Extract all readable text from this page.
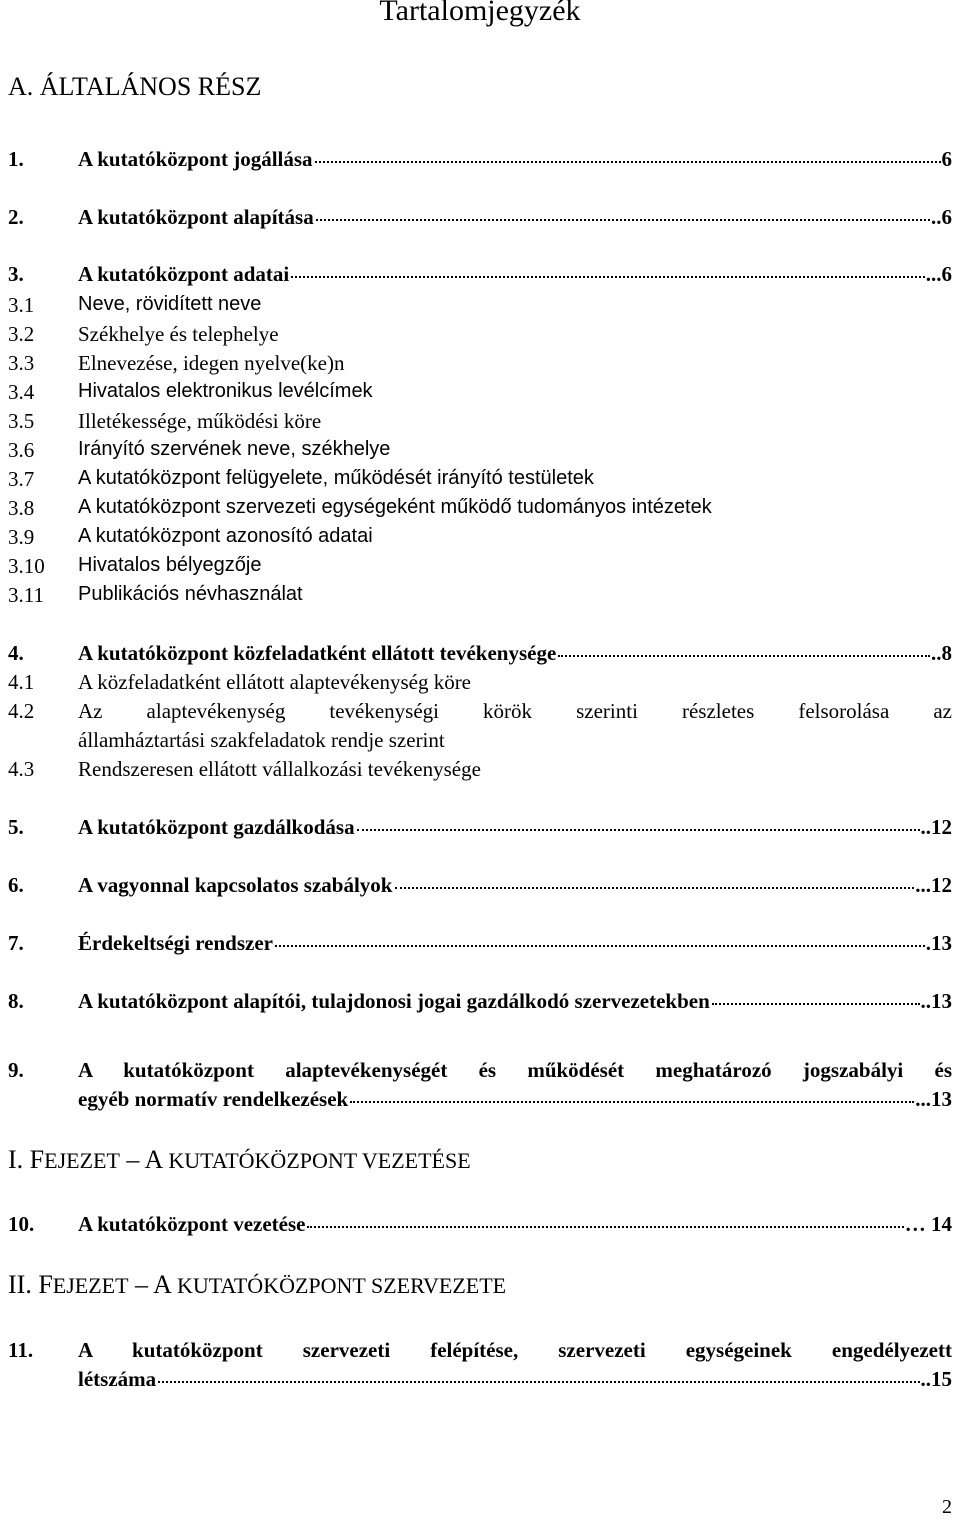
Tartalomjegyzék
A. ÁLTALÁNOS RÉSZ
1.	A kutatóközpont jogállása	6
2.	A kutatóközpont alapítása	..6
3.	A kutatóközpont adatai	...6
3.1	Neve, rövidített neve
3.2	Székhelye és telephelye
3.3	Elnevezése, idegen nyelve(ke)n
3.4	Hivatalos elektronikus levélcímek
3.5	Illetékessége, működési köre
3.6	Irányító szervének neve, székhelye
3.7	A kutatóközpont felügyelete, működését irányító testületek
3.8	A kutatóközpont szervezeti egységeként működő tudományos intézetek
3.9	A kutatóközpont azonosító adatai
3.10	Hivatalos bélyegzője
3.11	Publikációs névhasználat
4.	A kutatóközpont közfeladatként ellátott tevékenysége	..8
4.1	A közfeladatként ellátott alaptevékenység köre
4.2	Az alaptevékenység tevékenységi körök szerinti részletes felsorolása az
államháztartási szakfeladatok rendje szerint
4.3	Rendszeresen ellátott vállalkozási tevékenysége
5.	A kutatóközpont gazdálkodása	..12
6.	A vagyonnal kapcsolatos szabályok	...12
7.	Érdekeltségi rendszer	.13
8.	A kutatóközpont alapítói, tulajdonosi jogai gazdálkodó szervezetekben	..13
9.	A kutatóközpont alaptevékenységét és működését meghatározó jogszabályi és
egyéb normatív rendelkezések	...13
I. FEJEZET – A KUTATÓKÖZPONT VEZETÉSE
10.	A kutatóközpont vezetése	… 14
II. FEJEZET – A KUTATÓKÖZPONT SZERVEZETE
11.	A kutatóközpont szervezeti felépítése, szervezeti egységeinek engedélyezett
létszáma	..15
2
